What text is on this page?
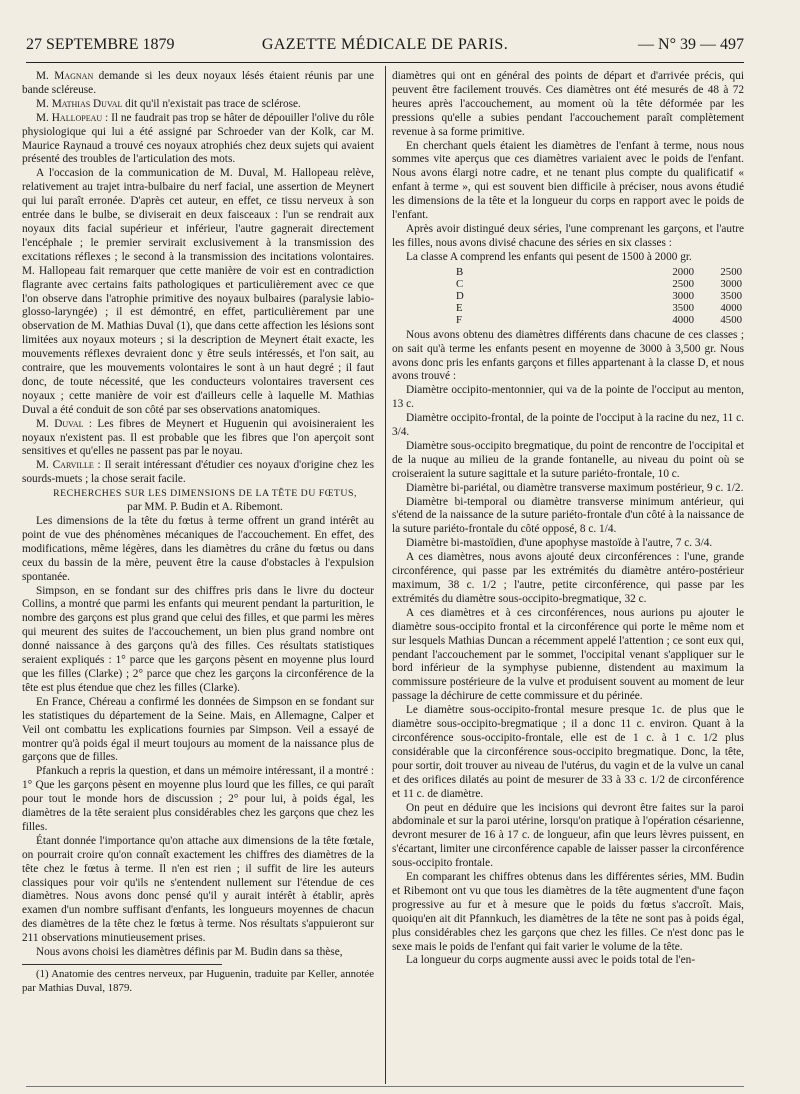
27 SEPTEMBRE 1879	GAZETTE MÉDICALE DE PARIS.	— N° 39 — 497

M. Magnan demande si les deux noyaux lésés étaient réunis par une bande scléreuse.

M. Mathias Duval dit qu'il n'existait pas trace de sclérose.

M. Hallopeau : Il ne faudrait pas trop se hâter de dépouiller l'olive du rôle physiologique qui lui a été assigné par Schroeder van der Kolk, car M. Maurice Raynaud a trouvé ces noyaux atrophiés chez deux sujets qui avaient présenté des troubles de l'articulation des mots.

A l'occasion de la communication de M. Duval, M. Hallopeau relève, relativement au trajet intra-bulbaire du nerf facial, une assertion de Meynert qui lui paraît erronée. D'après cet auteur, en effet, ce tissu nerveux à son entrée dans le bulbe, se diviserait en deux faisceaux : l'un se rendrait aux noyaux dits facial supérieur et inférieur, l'autre gagnerait directement l'encéphale ; le premier servirait exclusivement à la transmission des excitations réflexes ; le second à la transmission des incitations volontaires. M. Hallopeau fait remarquer que cette manière de voir est en contradiction flagrante avec certains faits pathologiques et particulièrement avec ce que l'on observe dans l'atrophie primitive des noyaux bulbaires (paralysie labio-glosso-laryngée) ; il est démontré, en effet, particulièrement par une observation de M. Mathias Duval (1), que dans cette affection les lésions sont limitées aux noyaux moteurs ; si la description de Meynert était exacte, les mouvements réflexes devraient donc y être seuls intéressés, et l'on sait, au contraire, que les mouvements volontaires le sont à un haut degré ; il faut donc, de toute nécessité, que les conducteurs volontaires traversent ces noyaux ; cette manière de voir est d'ailleurs celle à laquelle M. Mathias Duval a été conduit de son côté par ses observations anatomiques.

M. Duval : Les fibres de Meynert et Huguenin qui avoisineraient les noyaux n'existent pas. Il est probable que les fibres que l'on aperçoit sont sensitives et qu'elles ne passent pas par le noyau.

M. Carville : Il serait intéressant d'étudier ces noyaux d'origine chez les sourds-muets ; la chose serait facile.

RECHERCHES SUR LES DIMENSIONS DE LA TÊTE DU FŒTUS,

par MM. P. Budin et A. Ribemont.

Les dimensions de la tête du fœtus à terme offrent un grand intérêt au point de vue des phénomènes mécaniques de l'accouchement. En effet, des modifications, même légères, dans les diamètres du crâne du fœtus ou dans ceux du bassin de la mère, peuvent être la cause d'obstacles à l'expulsion spontanée.

Simpson, en se fondant sur des chiffres pris dans le livre du docteur Collins, a montré que parmi les enfants qui meurent pendant la parturition, le nombre des garçons est plus grand que celui des filles, et que parmi les mères qui meurent des suites de l'accouchement, un bien plus grand nombre ont donné naissance à des garçons qu'à des filles. Ces résultats statistiques seraient expliqués : 1° parce que les garçons pèsent en moyenne plus lourd que les filles (Clarke) ; 2° parce que chez les garçons la circonférence de la tête est plus étendue que chez les filles (Clarke).

En France, Chéreau a confirmé les données de Simpson en se fondant sur les statistiques du département de la Seine. Mais, en Allemagne, Calper et Veil ont combattu les explications fournies par Simpson. Veil a essayé de montrer qu'à poids égal il meurt toujours au moment de la naissance plus de garçons que de filles.

Pfankuch a repris la question, et dans un mémoire intéressant, il a montré : 1° Que les garçons pèsent en moyenne plus lourd que les filles, ce qui paraît pour tout le monde hors de discussion ; 2° pour lui, à poids égal, les diamètres de la tête seraient plus considérables chez les garçons que chez les filles.

Étant donnée l'importance qu'on attache aux dimensions de la tête fœtale, on pourrait croire qu'on connaît exactement les chiffres des diamètres de la tête chez le fœtus à terme. Il n'en est rien ; il suffit de lire les auteurs classiques pour voir qu'ils ne s'entendent nullement sur l'étendue de ces diamètres. Nous avons donc pensé qu'il y aurait intérêt à établir, après examen d'un nombre suffisant d'enfants, les longueurs moyennes de chacun des diamètres de la tête chez le fœtus à terme. Nos résultats s'appuieront sur 211 observations minutieusement prises.

Nous avons choisi les diamètres définis par M. Budin dans sa thèse,

(1) Anatomie des centres nerveux, par Huguenin, traduite par Keller, annotée par Mathias Duval, 1879.

diamètres qui ont en général des points de départ et d'arrivée précis, qui peuvent être facilement trouvés. Ces diamètres ont été mesurés de 48 à 72 heures après l'accouchement, au moment où la tête déformée par les pressions qu'elle a subies pendant l'accouchement paraît complètement revenue à sa forme primitive.

En cherchant quels étaient les diamètres de l'enfant à terme, nous nous sommes vite aperçus que ces diamètres variaient avec le poids de l'enfant. Nous avons élargi notre cadre, et ne tenant plus compte du qualificatif « enfant à terme », qui est souvent bien difficile à préciser, nous avons étudié les dimensions de la tête et la longueur du corps en rapport avec le poids de l'enfant.

Après avoir distingué deux séries, l'une comprenant les garçons, et l'autre les filles, nous avons divisé chacune des séries en six classes :

La classe A comprend les enfants qui pesent de 1500 à 2000 gr.

B	2000	2500
C	2500	3000
D	3000	3500
E	3500	4000
F	4000	4500

Nous avons obtenu des diamètres différents dans chacune de ces classes ; on sait qu'à terme les enfants pesent en moyenne de 3000 à 3,500 gr. Nous avons donc pris les enfants garçons et filles appartenant à la classe D, et nous avons trouvé :

Diamètre occipito-mentonnier, qui va de la pointe de l'occiput au menton, 13 c.

Diamètre occipito-frontal, de la pointe de l'occiput à la racine du nez, 11 c. 3/4.

Diamètre sous-occipito bregmatique, du point de rencontre de l'occipital et de la nuque au milieu de la grande fontanelle, au niveau du point où se croiseraient la suture sagittale et la suture pariéto-frontale, 10 c.

Diamètre bi-pariétal, ou diamètre transverse maximum postérieur, 9 c. 1/2.

Diamètre bi-temporal ou diamètre transverse minimum antérieur, qui s'étend de la naissance de la suture pariéto-frontale d'un côté à la naissance de la suture pariéto-frontale du côté opposé, 8 c. 1/4.

Diamètre bi-mastoïdien, d'une apophyse mastoïde à l'autre, 7 c. 3/4.

A ces diamètres, nous avons ajouté deux circonférences : l'une, grande circonférence, qui passe par les extrémités du diamètre antéro-postérieur maximum, 38 c. 1/2 ; l'autre, petite circonférence, qui passe par les extrémités du diamètre sous-occipito-bregmatique, 32 c.

A ces diamètres et à ces circonférences, nous aurions pu ajouter le diamètre sous-occipito frontal et la circonférence qui porte le même nom et sur lesquels Mathias Duncan a récemment appelé l'attention ; ce sont eux qui, pendant l'accouchement par le sommet, l'occipital venant s'appliquer sur le bord inférieur de la symphyse pubienne, distendent au maximum la commissure postérieure de la vulve et produisent souvent au moment de leur passage la déchirure de cette commissure et du périnée.

Le diamètre sous-occipito-frontal mesure presque 1c. de plus que le diamètre sous-occipito-bregmatique ; il a donc 11 c. environ. Quant à la circonférence sous-occipito-frontale, elle est de 1 c. à 1 c. 1/2 plus considérable que la circonférence sous-occipito bregmatique. Donc, la tête, pour sortir, doit trouver au niveau de l'utérus, du vagin et de la vulve un canal et des orifices dilatés au point de mesurer de 33 à 33 c. 1/2 de circonférence et 11 c. de diamètre.

On peut en déduire que les incisions qui devront être faites sur la paroi abdominale et sur la paroi utérine, lorsqu'on pratique à l'opération césarienne, devront mesurer de 16 à 17 c. de longueur, afin que leurs lèvres puissent, en s'écartant, limiter une circonférence capable de laisser passer la circonférence sous-occipito frontale.

En comparant les chiffres obtenus dans les différentes séries, MM. Budin et Ribemont ont vu que tous les diamètres de la tête augmentent d'une façon progressive au fur et à mesure que le poids du fœtus s'accroît. Mais, quoiqu'en ait dit Pfannkuch, les diamètres de la tête ne sont pas à poids égal, plus considérables chez les garçons que chez les filles. Ce n'est donc pas le sexe mais le poids de l'enfant qui fait varier le volume de la tête.

La longueur du corps augmente aussi avec le poids total de l'en-
